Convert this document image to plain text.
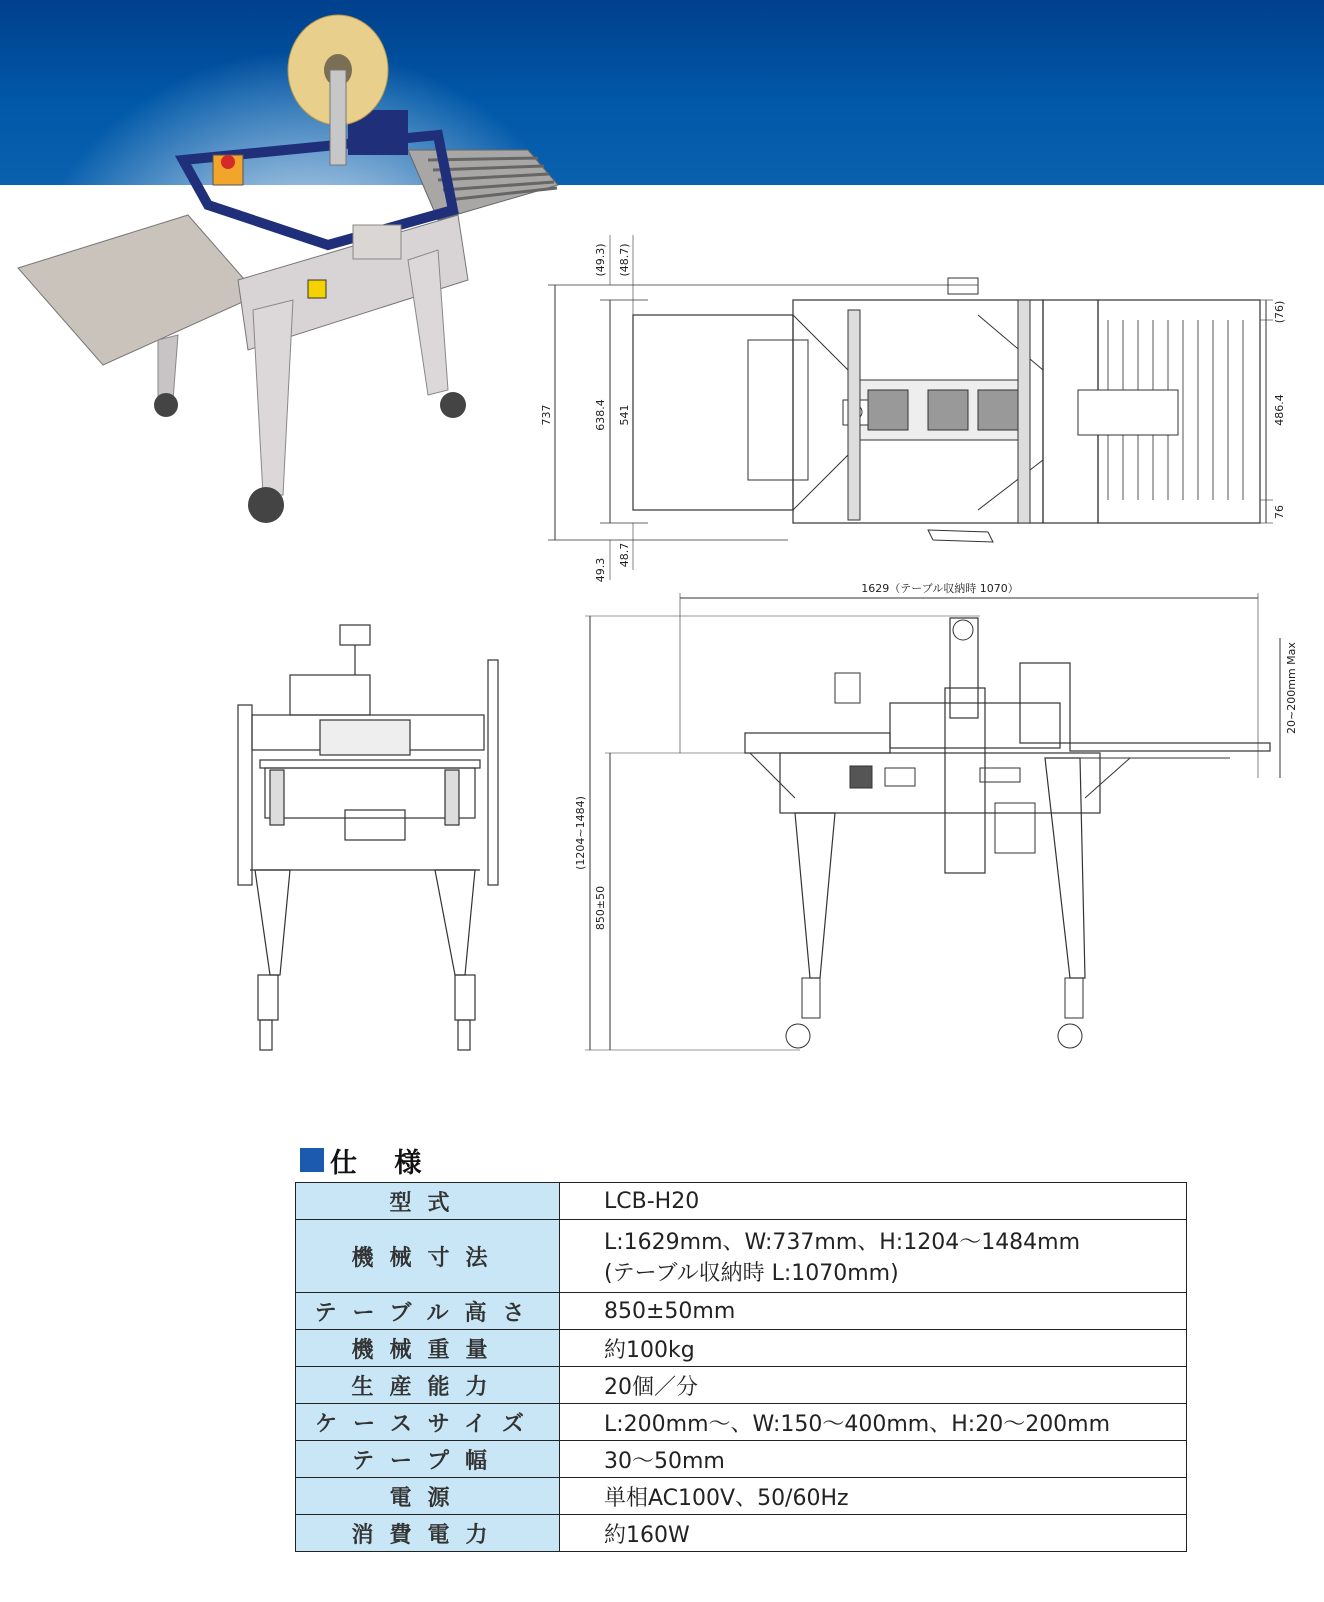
(49.3) (48.7)
737	638.4 541
49.3
48.7
(76)
486.4
76
1629（テーブル収納時 1070）
(1204~1484)
850±50
20~200mm Max
仕 様
型式	LCB-H20
機械寸法	L:1629mm、W:737mm、H:1204～1484mm
(テーブル収納時 L:1070mm)

テーブル高さ	850±50mm
機械重量	約100kg
生産能力	20個／分
ケースサイズ	L:200mm～、W:150～400mm、H:20～200mm
テープ幅	30～50mm
電源	単相AC100V、50/60Hz
消費電力	約160W
